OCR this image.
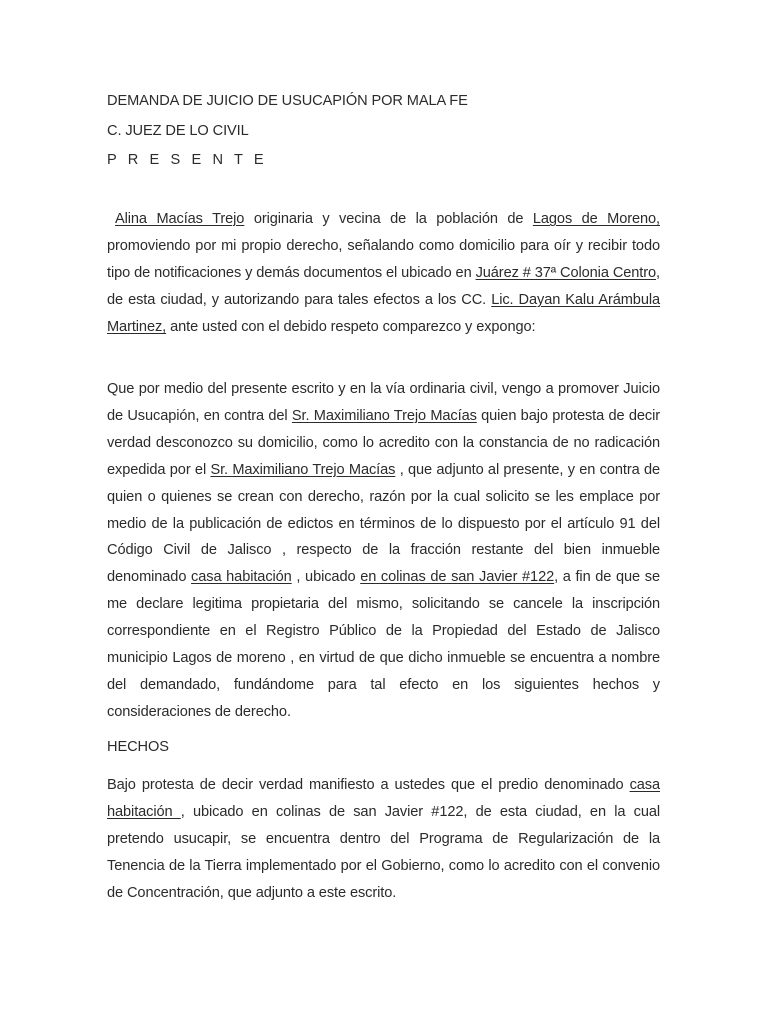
DEMANDA DE JUICIO DE USUCAPIÓN POR MALA FE

C. JUEZ DE LO CIVIL

P R E S E N T E

Alina Macías Trejo originaria y vecina de la población de Lagos de Moreno, promoviendo por mi propio derecho, señalando como domicilio para oír y recibir todo tipo de notificaciones y demás documentos el ubicado en Juárez # 37ª Colonia Centro, de esta ciudad, y autorizando para tales efectos a los CC. Lic. Dayan Kalu Arámbula Martinez, ante usted con el debido respeto comparezco y expongo:

Que por medio del presente escrito y en la vía ordinaria civil, vengo a promover Juicio de Usucapión, en contra del Sr. Maximiliano Trejo Macías quien bajo protesta de decir verdad desconozco su domicilio, como lo acredito con la constancia de no radicación expedida por el Sr. Maximiliano Trejo Macías , que adjunto al presente, y en contra de quien o quienes se crean con derecho, razón por la cual solicito se les emplace por medio de la publicación de edictos en términos de lo dispuesto por el artículo 91 del Código Civil de Jalisco , respecto de la fracción restante del bien inmueble denominado casa habitación , ubicado en colinas de san Javier #122, a fin de que se me declare legitima propietaria del mismo, solicitando se cancele la inscripción correspondiente en el Registro Público de la Propiedad del Estado de Jalisco municipio Lagos de moreno , en virtud de que dicho inmueble se encuentra a nombre del demandado, fundándome para tal efecto en los siguientes hechos y consideraciones de derecho.

HECHOS

Bajo protesta de decir verdad manifiesto a ustedes que el predio denominado casa habitación , ubicado en colinas de san Javier #122, de esta ciudad, en la cual pretendo usucapir, se encuentra dentro del Programa de Regularización de la Tenencia de la Tierra implementado por el Gobierno, como lo acredito con el convenio de Concentración, que adjunto a este escrito.
